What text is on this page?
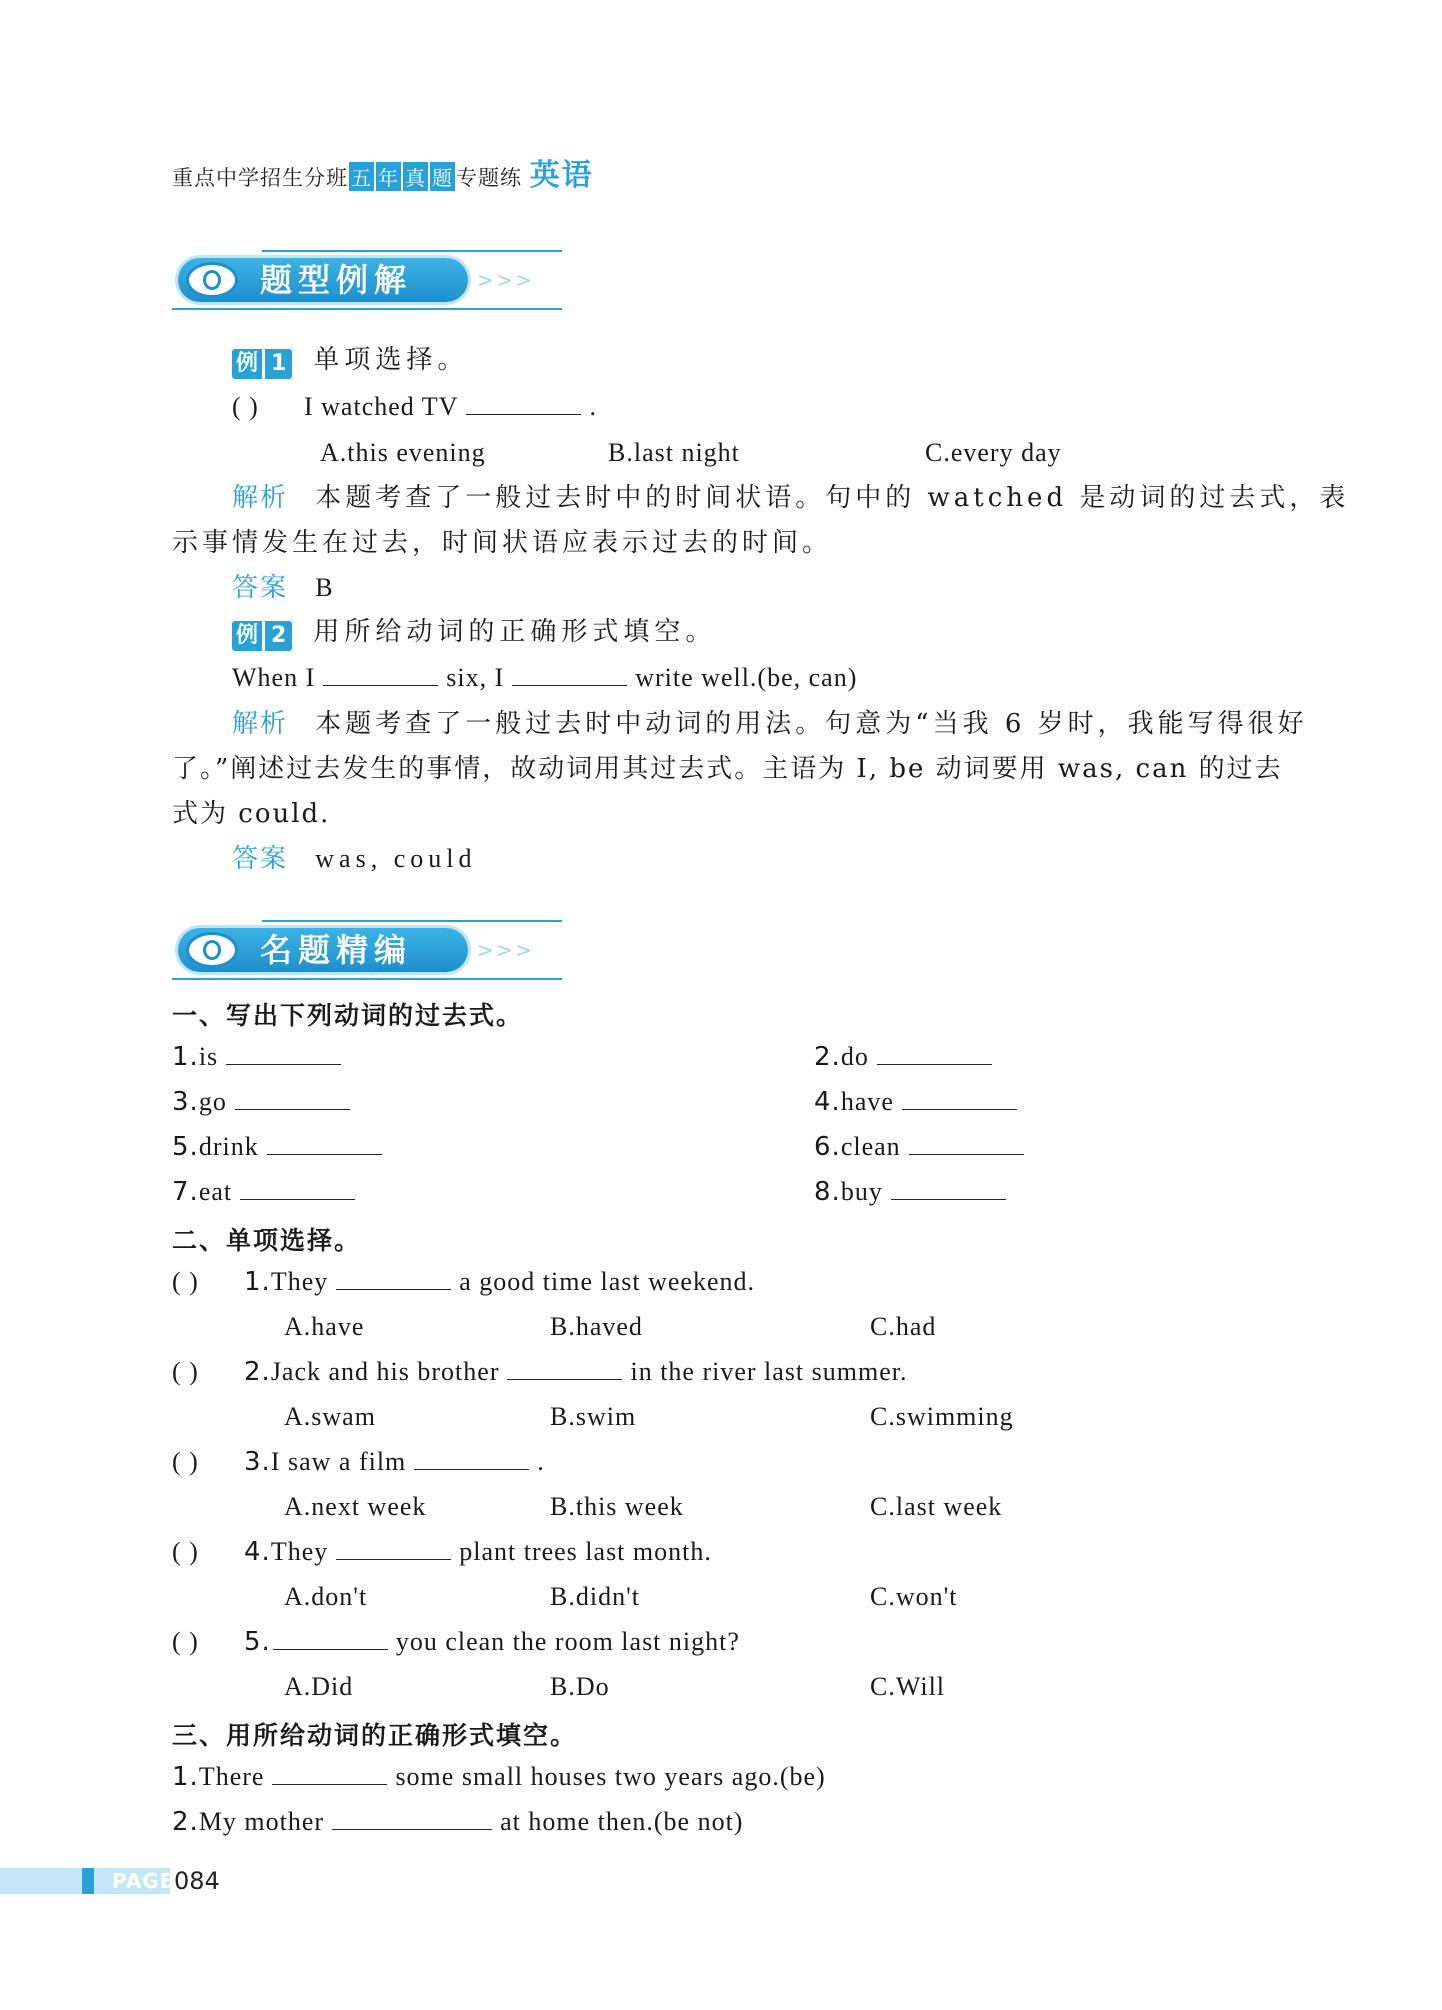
重点中学招生分班 五 年 真 题 专题练 英语
题型例解	> > >
例 1 单项选择。
( ) I watched TV	.
A.this evening	B.last night	C.every day
解析 本题考查了一般过去时中的时间状语。句中的 watched 是动词的过去式，表
示事情发生在过去，时间状语应表示过去的时间。
答案 B
例 2 用所给动词的正确形式填空。
When I	six, I	write well.(be, can)
解析 本题考查了一般过去时中动词的用法。句意为“当我 6 岁时，我能写得很好
了。”阐述过去发生的事情，故动词用其过去式。主语为 I, be 动词要用 was, can 的过去
式为 could.
答案 was, could
名题精编	> > >
一、写出下列动词的过去式。
1.is	2.do
3.go	4.have
5.drink	6.clean
7.eat	8.buy
二、单项选择。
( ) 1.They	a good time last weekend.
A.have	B.haved	C.had
( ) 2.Jack and his brother	in the river last summer.
A.swam	B.swim	C.swimming
( ) 3.I saw a film	.
A.next week	B.this week	C.last week
( ) 4.They	plant trees last month.
A.don't	B.didn't	C.won't
( ) 5.	you clean the room last night?
A.Did	B.Do	C.Will
三、用所给动词的正确形式填空。
1.There	some small houses two years ago.(be)
2.My mother	at home then.(be not)
PAGE 084
